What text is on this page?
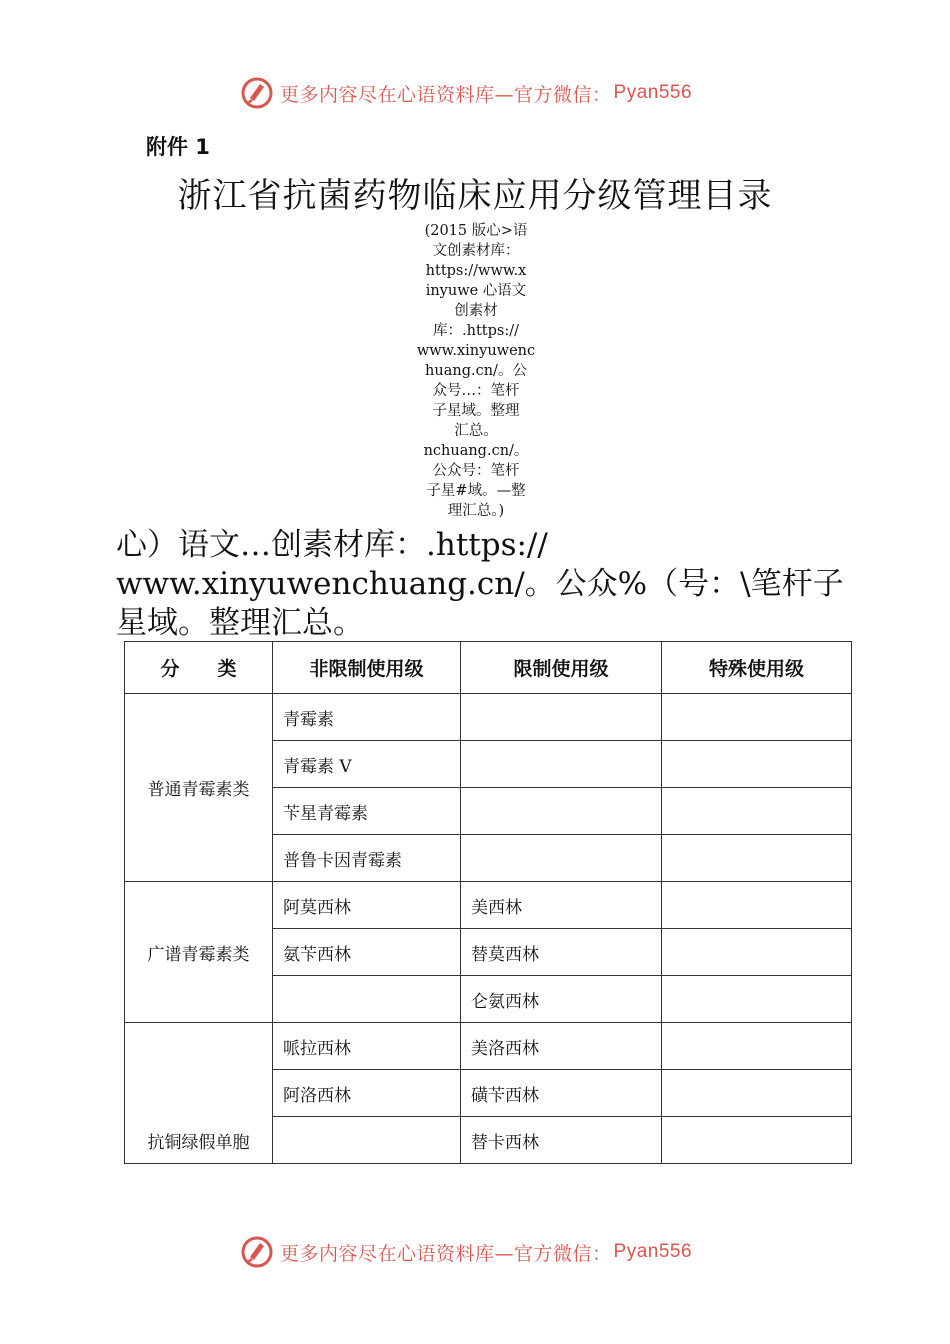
更多内容尽在心语资料库—官方微信： Pyan556
附件 1
浙江省抗菌药物临床应用分级管理目录
(2015 版心>语
文创素材库：
https://www.x
inyuwe 心语文
创素材
库：.https://
www.xinyuwenc
huang.cn/。公
众号…：笔杆
子星域。整理
汇总。
nchuang.cn/。
公众号：笔杆
子星#域。—整
理汇总。)
心）语文…创素材库：.https://
www.xinyuwenchuang.cn/。公众%（号：\笔杆子
星域。整理汇总。
分　　类	非限制使用级	限制使用级	特殊使用级
普通青霉素类	青霉素		
	青霉素 V		
	苄星青霉素		
	普鲁卡因青霉素		
广谱青霉素类	阿莫西林	美西林	
	氨苄西林	替莫西林	
		仑氨西林	
抗铜绿假单胞	哌拉西林	美洛西林	
	阿洛西林	磺苄西林	
		替卡西林	
更多内容尽在心语资料库—官方微信： Pyan556
